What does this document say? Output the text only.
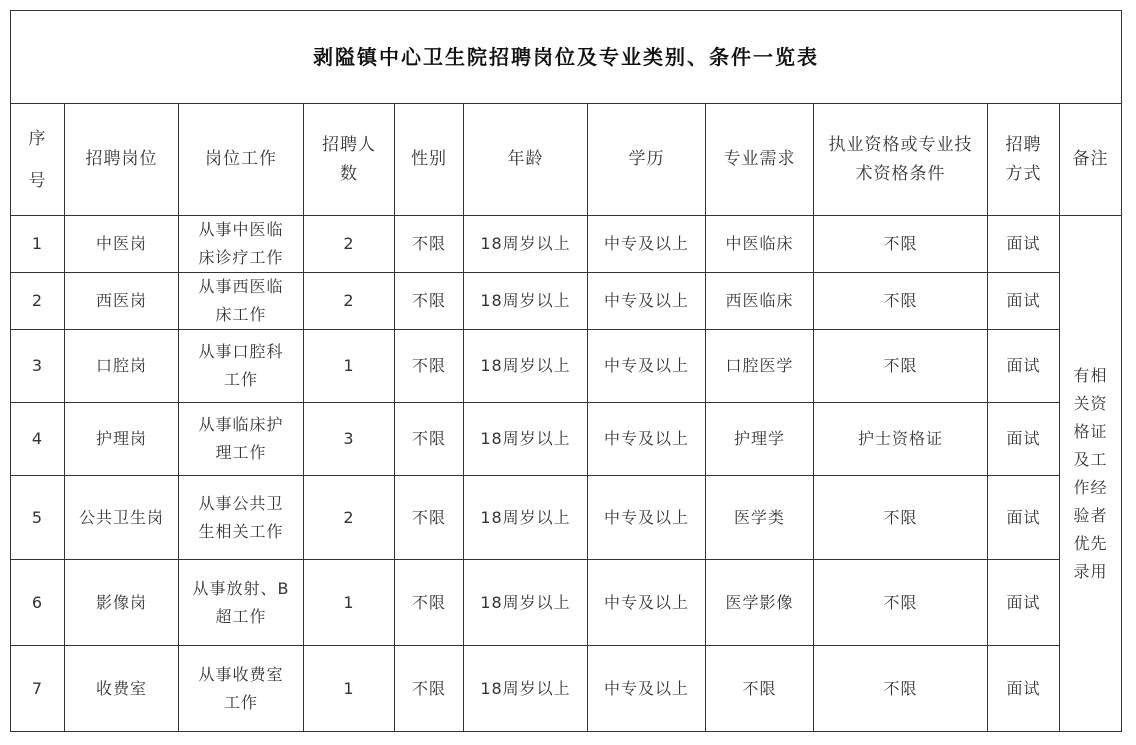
剥隘镇中心卫生院招聘岗位及专业类别、条件一览表										
序号	招聘岗位	岗位工作	招聘人数	性别	年龄	学历	专业需求	执业资格或专业技术资格条件	招聘方式	备注
1	中医岗	从事中医临床诊疗工作	2	不限	18周岁以上	中专及以上	中医临床	不限	面试	有相关资格证及工作经验者优先录用
2	西医岗	从事西医临床工作	2	不限	18周岁以上	中专及以上	西医临床	不限	面试	
3	口腔岗	从事口腔科工作	1	不限	18周岁以上	中专及以上	口腔医学	不限	面试	
4	护理岗	从事临床护理工作	3	不限	18周岁以上	中专及以上	护理学	护士资格证	面试	
5	公共卫生岗	从事公共卫生相关工作	2	不限	18周岁以上	中专及以上	医学类	不限	面试	
6	影像岗	从事放射、B超工作	1	不限	18周岁以上	中专及以上	医学影像	不限	面试	
7	收费室	从事收费室工作	1	不限	18周岁以上	中专及以上	不限	不限	面试	
